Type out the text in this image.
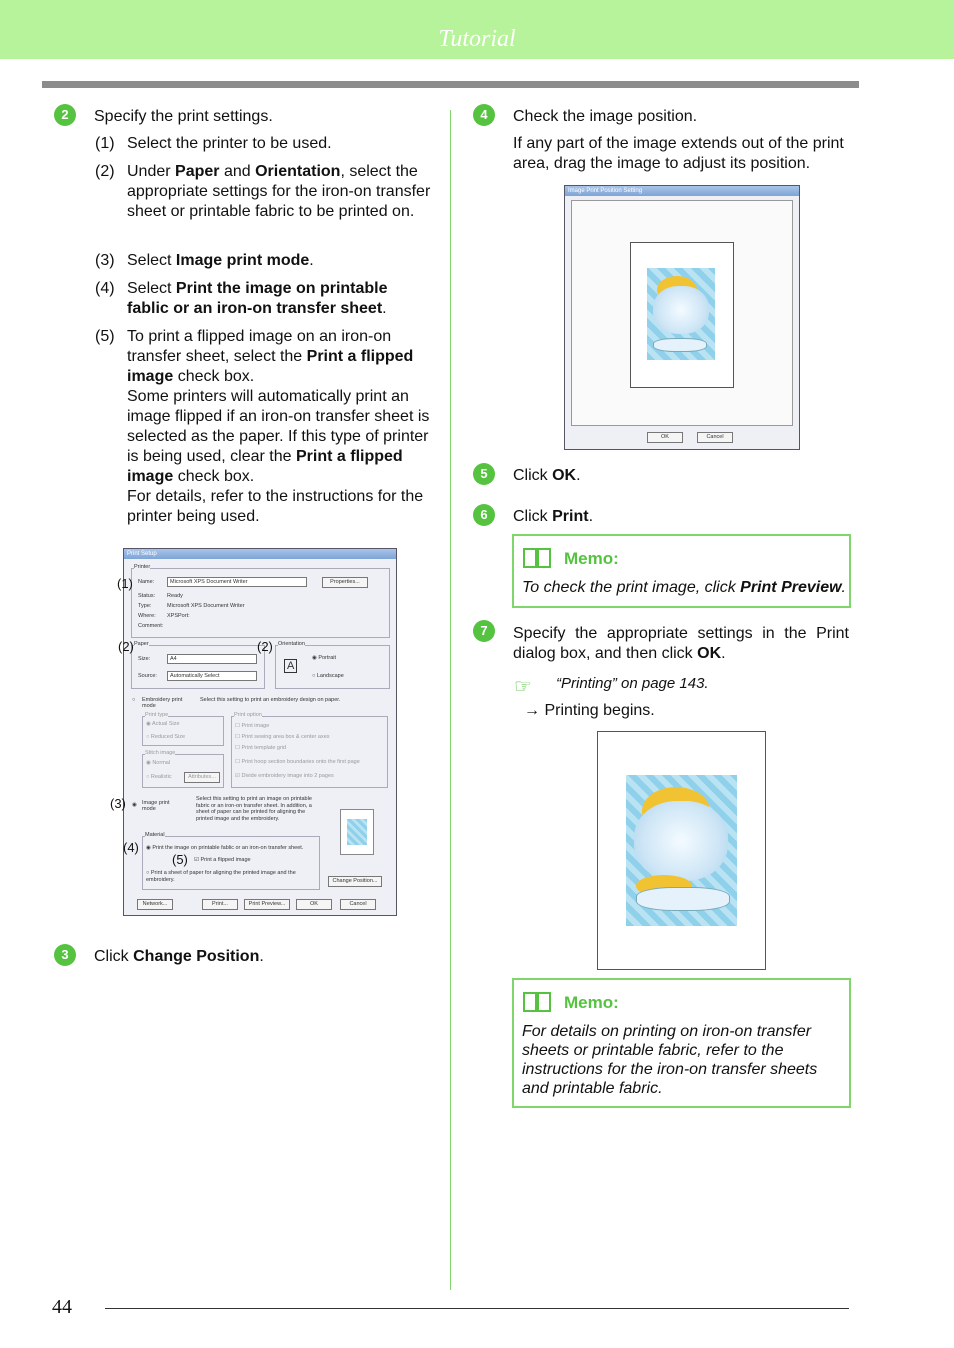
Tutorial
2	Specify the print settings.
(1) Select the printer to be used.
(2) Under Paper and Orientation, select the appropriate settings for the iron-on transfer sheet or printable fabric to be printed on.
(3) Select Image print mode.
(4) Select Print the image on printable fablic or an iron-on transfer sheet.
(5) To print a flipped image on an iron-on transfer sheet, select the Print a flipped image check box.
Some printers will automatically print an image flipped if an iron-on transfer sheet is selected as the paper. If this type of printer is being used, clear the Print a flipped image check box.
For details, refer to the instructions for the printer being used.
Print Setup
Printer
Name:	Microsoft XPS Document Writer	Properties...
Status: Ready
Type:	Microsoft XPS Document Writer
Where: XPSPort:
Comment:
Paper
Size:	A4
Source:	Automatically Select
Orientation
A
◉ Portrait
○ Landscape
○ Embroidery print mode
Select this setting to print an embroidery design on paper.
Print type
◉ Actual Size
○ Reduced Size
Print option
☐ Print image
☐ Print sewing area box & center axes
☐ Print template grid
☐ Print hoop section boundaries onto the first page
☑ Divide embroidery image into 2 pages
Stitch image
◉ Normal
○ Realistic	Attributes...
◉ Image print mode
Select this setting to print an image on printable fabric or an iron-on transfer sheet. In addition, a sheet of paper can be printed for aligning the printed image and the embroidery.
Material
◉ Print the image on printable fablic or an iron-on transfer sheet.
☑ Print a flipped image
○ Print a sheet of paper for aligning the printed image and the embroidery.	Change Position...
Network...	Print...	Print Preview...	OK	Cancel
(1)
(2)	(2)
(3)
(4)
(5)
3	Click Change Position.
4	Check the image position.
If any part of the image extends out of the print area, drag the image to adjust its position.
Image Print Position Setting
OK	Cancel
5	Click OK.
6	Click Print.
Memo:
To check the print image, click Print Preview.
7	Specify the appropriate settings in the Print dialog box, and then click OK.
☞ “Printing” on page 143.
→ Printing begins.
Memo:
For details on printing on iron-on transfer sheets or printable fabric, refer to the instructions for the iron-on transfer sheets and printable fabric.
44
